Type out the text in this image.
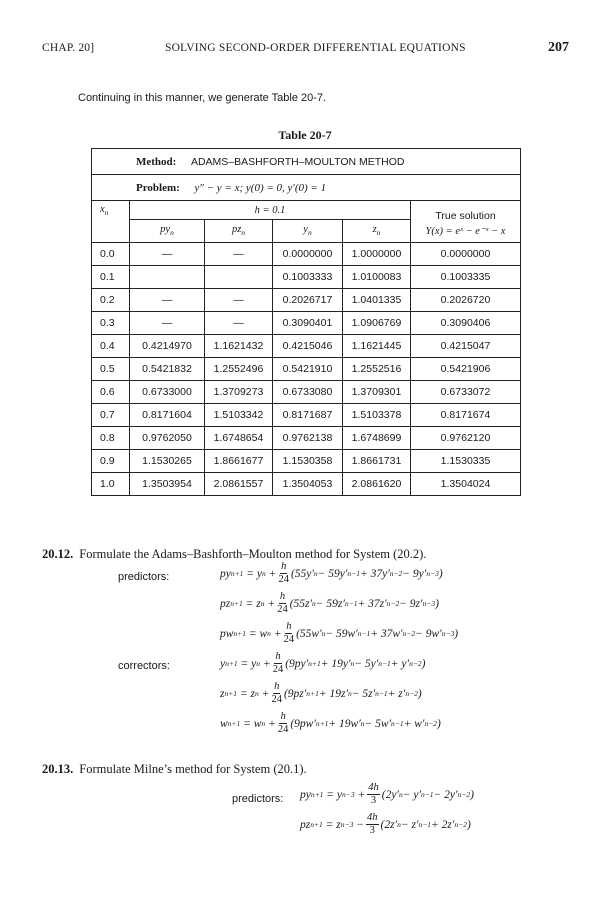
CHAP. 20]	SOLVING SECOND-ORDER DIFFERENTIAL EQUATIONS	207
Continuing in this manner, we generate Table 20-7.
Table 20-7
Method: ADAMS–BASHFORTH–MOULTON METHOD					
Problem: y″ − y = x; y(0) = 0, y′(0) = 1					
$x_n$	h = 0.1				True solution
Y(x) = eˣ − e⁻ˣ − x

	$py_n$	$pz_n$	$y_n$	$z_n$
0.0	—	—	0.0000000	1.0000000	0.0000000
0.1			0.1003333	1.0100083	0.1003335
0.2	—	—	0.2026717	1.0401335	0.2026720
0.3	—	—	0.3090401	1.0906769	0.3090406
0.4	0.4214970	1.1621432	0.4215046	1.1621445	0.4215047
0.5	0.5421832	1.2552496	0.5421910	1.2552516	0.5421906
0.6	0.6733000	1.3709273	0.6733080	1.3709301	0.6733072
0.7	0.8171604	1.5103342	0.8171687	1.5103378	0.8171674
0.8	0.9762050	1.6748654	0.9762138	1.6748699	0.9762120
0.9	1.1530265	1.8661677	1.1530358	1.8661731	1.1530335
1.0	1.3503954	2.0861557	1.3504053	2.0861620	1.3504024
20.12. Formulate the Adams–Bashforth–Moulton method for System (20.2).
predictors:	py n+1 = y $n + \frac{h}{24} (55y'$ n − 59y′ n−1 + 37y′ n−2 − 9y′ n−3 )
pz n+1 = z $n + \frac{h}{24} (55z'$ n − 59z′ n−1 + 37z′ n−2 − 9z′ n−3 )
pw n+1 = w $n + \frac{h}{24} (55w'$ n − 59w′ n−1 + 37w′ n−2 − 9w′ n−3 )
correctors:	y n+1 = y $n + \frac{h}{24} (9py'$ n+1 + 19y′ n − 5y′ n−1 + y′ n−2 )
z n+1 = z $n + \frac{h}{24} (9pz'$ n+1 + 19z′ n − 5z′ n−1 + z′ n−2 )
w n+1 = w $n + \frac{h}{24} (9pw'$ n+1 + 19w′ n − 5w′ n−1 + w′ n−2 )
20.13. Formulate Milne’s method for System (20.1).
predictors: py n+1 = y $n-3 + \frac{4h}{3} (2y'$ n − y′ n−1 − 2y′ n−2 )
pz n+1 = z $n-3 - \frac{4h}{3} (2z'$ n − z′ n−1 + 2z′ n−2 )
